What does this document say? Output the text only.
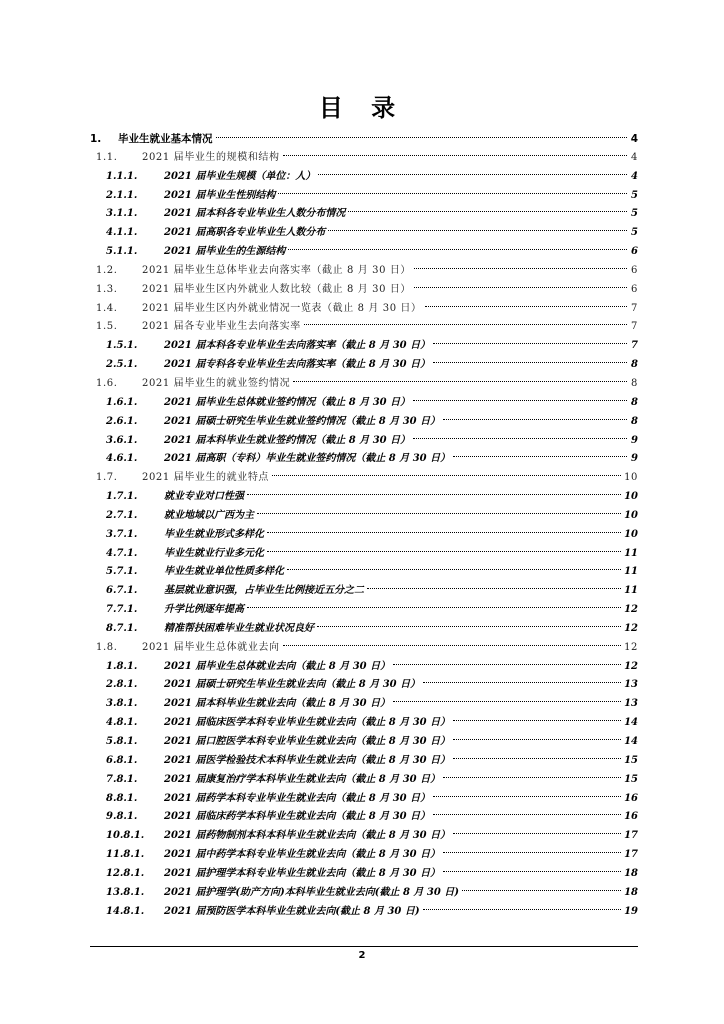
目 录
1.	毕业生就业基本情况	4
1.1.	2021 届毕业生的规模和结构	4
1.1.1.	2021 届毕业生规模（单位：人）	4
2.1.1.	2021 届毕业生性别结构	5
3.1.1.	2021 届本科各专业毕业生人数分布情况	5
4.1.1.	2021 届高职各专业毕业生人数分布	5
5.1.1.	2021 届毕业生的生源结构	6
1.2.	2021 届毕业生总体毕业去向落实率（截止 8 月 30 日）	6
1.3.	2021 届毕业生区内外就业人数比较（截止 8 月 30 日）	6
1.4.	2021 届毕业生区内外就业情况一览表（截止 8 月 30 日）	7
1.5.	2021 届各专业毕业生去向落实率	7
1.5.1.	2021 届本科各专业毕业生去向落实率（截止 8 月 30 日）	7
2.5.1.	2021 届专科各专业毕业生去向落实率（截止 8 月 30 日）	8
1.6.	2021 届毕业生的就业签约情况	8
1.6.1.	2021 届毕业生总体就业签约情况（截止 8 月 30 日）	8
2.6.1.	2021 届硕士研究生毕业生就业签约情况（截止 8 月 30 日）	8
3.6.1.	2021 届本科毕业生就业签约情况（截止 8 月 30 日）	9
4.6.1.	2021 届高职（专科）毕业生就业签约情况（截止 8 月 30 日）	9
1.7.	2021 届毕业生的就业特点	10
1.7.1.	就业专业对口性强	10
2.7.1.	就业地域以广西为主	10
3.7.1.	毕业生就业形式多样化	10
4.7.1.	毕业生就业行业多元化	11
5.7.1.	毕业生就业单位性质多样化	11
6.7.1.	基层就业意识强，占毕业生比例接近五分之二	11
7.7.1.	升学比例逐年提高	12
8.7.1.	精准帮扶困难毕业生就业状况良好	12
1.8.	2021 届毕业生总体就业去向	12
1.8.1.	2021 届毕业生总体就业去向（截止 8 月 30 日）	12
2.8.1.	2021 届硕士研究生毕业生就业去向（截止 8 月 30 日）	13
3.8.1.	2021 届本科毕业生就业去向（截止 8 月 30 日）	13
4.8.1.	2021 届临床医学本科专业毕业生就业去向（截止 8 月 30 日）	14
5.8.1.	2021 届口腔医学本科专业毕业生就业去向（截止 8 月 30 日）	14
6.8.1.	2021 届医学检验技术本科毕业生就业去向（截止 8 月 30 日）	15
7.8.1.	2021 届康复治疗学本科毕业生就业去向（截止 8 月 30 日）	15
8.8.1.	2021 届药学本科专业毕业生就业去向（截止 8 月 30 日）	16
9.8.1.	2021 届临床药学本科毕业生就业去向（截止 8 月 30 日）	16
10.8.1.	2021 届药物制剂本科本科毕业生就业去向（截止 8 月 30 日）	17
11.8.1.	2021 届中药学本科专业毕业生就业去向（截止 8 月 30 日）	17
12.8.1.	2021 届护理学本科专业毕业生就业去向（截止 8 月 30 日）	18
13.8.1.	2021 届护理学(助产方向)本科毕业生就业去向(截止 8 月 30 日)	18
14.8.1.	2021 届预防医学本科毕业生就业去向(截止 8 月 30 日)	19
2
